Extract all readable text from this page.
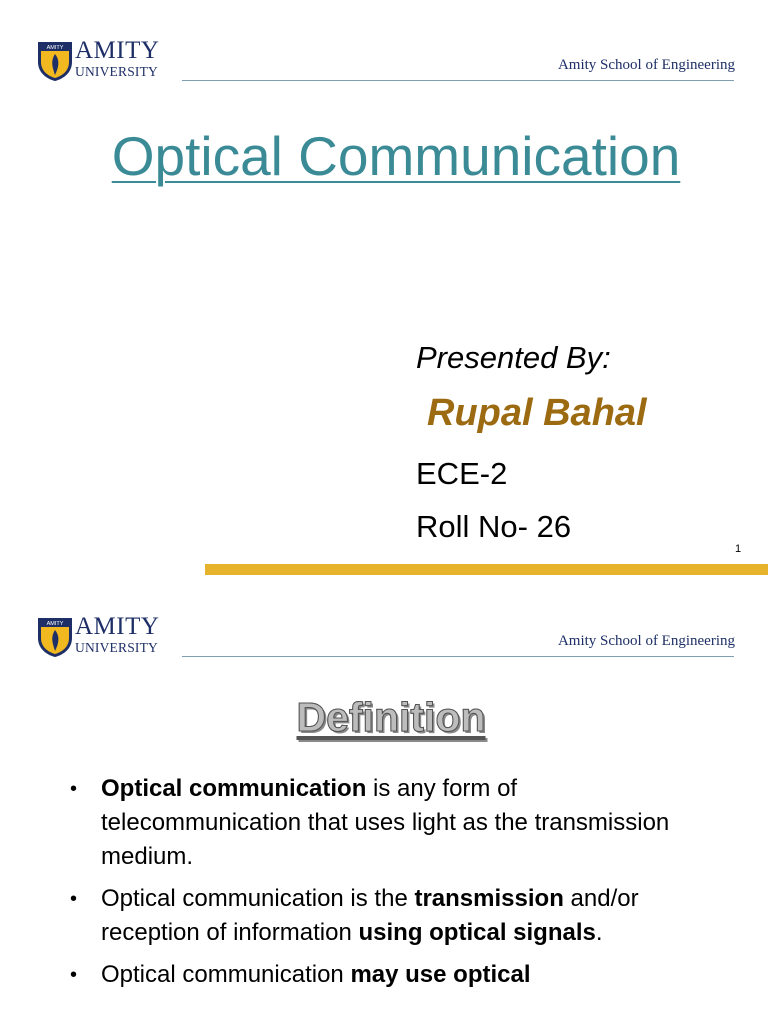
AMITY AMITY
UNIVERSITY	Amity School of Engineering
Optical Communication
Presented By:
Rupal Bahal
ECE-2
Roll No- 26
1
AMITY AMITY
UNIVERSITY	Amity School of Engineering
Definition
• Optical communication is any form of telecommunication that uses light as the transmission medium.
• Optical communication is the transmission and/or reception of information using optical signals.
• Optical communication may use optical
